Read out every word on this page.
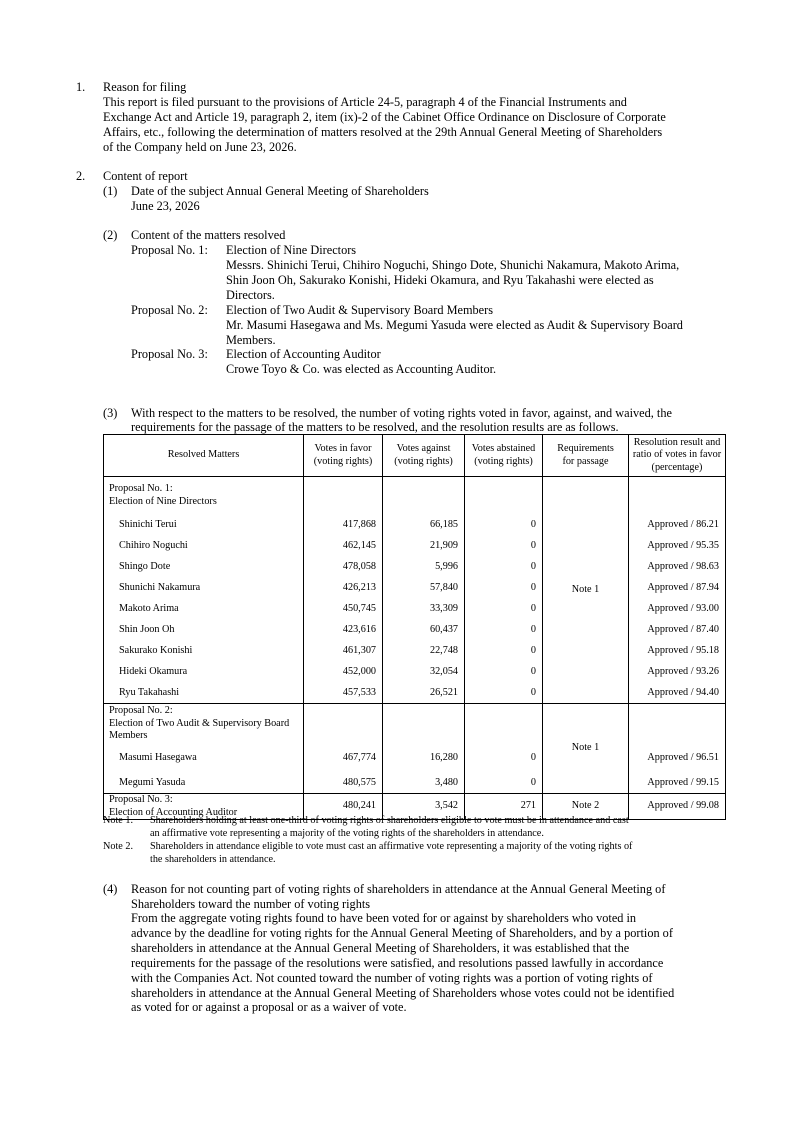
1. Reason for filing
This report is filed pursuant to the provisions of Article 24-5, paragraph 4 of the Financial Instruments and
Exchange Act and Article 19, paragraph 2, item (ix)-2 of the Cabinet Office Ordinance on Disclosure of Corporate
Affairs, etc., following the determination of matters resolved at the 29th Annual General Meeting of Shareholders
of the Company held on June 23, 2026.
2. Content of report
(1) Date of the subject Annual General Meeting of Shareholders
June 23, 2026
(2) Content of the matters resolved
Proposal No. 1: Election of Nine Directors
Messrs. Shinichi Terui, Chihiro Noguchi, Shingo Dote, Shunichi Nakamura, Makoto Arima,
Shin Joon Oh, Sakurako Konishi, Hideki Okamura, and Ryu Takahashi were elected as
Directors.
Proposal No. 2: Election of Two Audit & Supervisory Board Members
Mr. Masumi Hasegawa and Ms. Megumi Yasuda were elected as Audit & Supervisory Board
Members.
Proposal No. 3: Election of Accounting Auditor
Crowe Toyo & Co. was elected as Accounting Auditor.
(3) With respect to the matters to be resolved, the number of voting rights voted in favor, against, and waived, the
requirements for the passage of the matters to be resolved, and the resolution results are as follows.
Resolved Matters	Votes in favor
(voting rights)	Votes against
(voting rights)	Votes abstained
(voting rights)	Requirements
for passage	Resolution result and
ratio of votes in favor
(percentage)
Proposal No. 1:
Election of Nine Directors				Note 1	
Shinichi Terui	417,868	66,185	0		Approved / 86.21
Chihiro Noguchi	462,145	21,909	0		Approved / 95.35
Shingo Dote	478,058	5,996	0		Approved / 98.63
Shunichi Nakamura	426,213	57,840	0		Approved / 87.94
Makoto Arima	450,745	33,309	0		Approved / 93.00
Shin Joon Oh	423,616	60,437	0		Approved / 87.40
Sakurako Konishi	461,307	22,748	0		Approved / 95.18
Hideki Okamura	452,000	32,054	0		Approved / 93.26
Ryu Takahashi	457,533	26,521	0		Approved / 94.40
Proposal No. 2:
Election of Two Audit & Supervisory Board
Members				Note 1	

Masumi Hasegawa	467,774	16,280	0		Approved / 96.51
Megumi Yasuda	480,575	3,480	0		Approved / 99.15
Proposal No. 3:
Election of Accounting Auditor	480,241	3,542	271	Note 2	Approved / 99.08
Note 1. Shareholders holding at least one-third of voting rights of shareholders eligible to vote must be in attendance and cast
an affirmative vote representing a majority of the voting rights of the shareholders in attendance.
Note 2. Shareholders in attendance eligible to vote must cast an affirmative vote representing a majority of the voting rights of
the shareholders in attendance.
(4) Reason for not counting part of voting rights of shareholders in attendance at the Annual General Meeting of
Shareholders toward the number of voting rights
From the aggregate voting rights found to have been voted for or against by shareholders who voted in
advance by the deadline for voting rights for the Annual General Meeting of Shareholders, and by a portion of
shareholders in attendance at the Annual General Meeting of Shareholders, it was established that the
requirements for the passage of the resolutions were satisfied, and resolutions passed lawfully in accordance
with the Companies Act. Not counted toward the number of voting rights was a portion of voting rights of
shareholders in attendance at the Annual General Meeting of Shareholders whose votes could not be identified
as voted for or against a proposal or as a waiver of vote.
